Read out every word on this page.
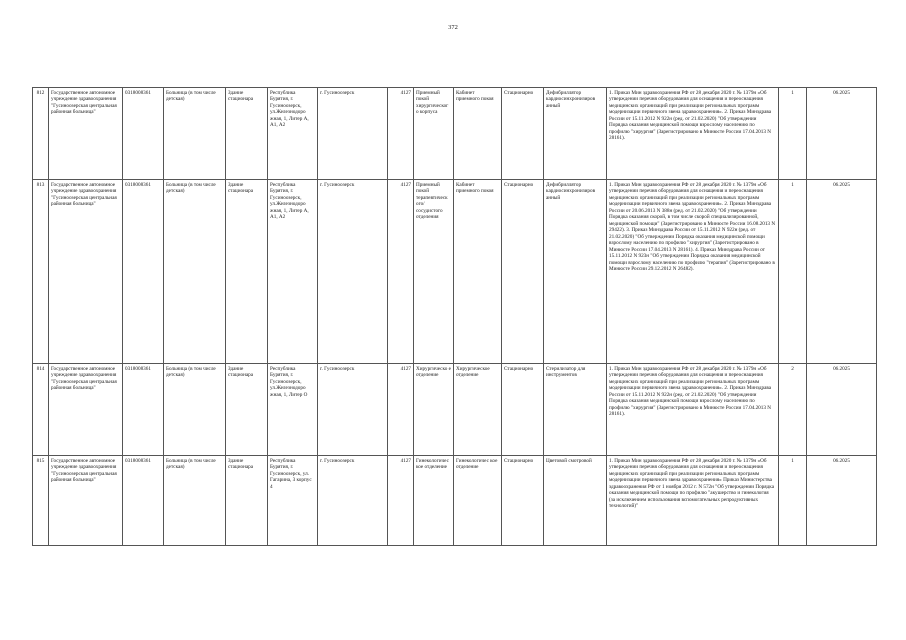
372
812	Государственное автономное учреждение здравоохранения "Гусиноозерская центральная районная больница"	0318008361	Больница (в том числе детская)	Здание стационара	Республика Бурятия, г. Гусиноозерск, ул.Железнодоро жная, 1, Литер А, А1, А2	г. Гусиноозерск	4127	Приемный покой хирургическог о корпуса	Кабинет приемного покоя	Стационарно	Дефибриллятор кардиосинхронизиров анный	1. Приказ Мин здравоохранения РФ от 28 декабря 2020 г. № 1379н «Об утверждении перечня оборудования для оснащения и переоснащения медицинских организаций при реализации региональных программ модернизации первичного звена здравоохранения». 2. Приказ Минздрава России от 15.11.2012 N 922н (ред. от 21.02.2020) "Об утверждении Порядка оказания медицинской помощи взрослому населению по профилю "хирургия" (Зарегистрировано в Минюсте России 17.04.2013 N 28161).	1	06.2025
813	Государственное автономное учреждение здравоохранения "Гусиноозерская центральная районная больница"	0318008361	Больница (в том числе детская)	Здание стационара	Республика Бурятия, г. Гусиноозерск, ул.Железнодоро жная, 1, Литер А, А1, А2	г. Гусиноозерск	4127	Приемный покой терапевтическ ого/сосудистого отделения	Кабинет приемного покоя	Стационарно	Дефибриллятор кардиосинхронизиров анный	1. Приказ Мин здравоохранения РФ от 28 декабря 2020 г. № 1379н «Об утверждении перечня оборудования для оснащения и переоснащения медицинских организаций при реализации региональных программ модернизации первичного звена здравоохранения». 2. Приказ Минздрава России от 20.06.2013 N 388н (ред. от 21.02.2020) "Об утверждении Порядка оказания скорой, в том числе скорой специализированной, медицинской помощи" (Зарегистрировано в Минюсте России 16.08.2013 N 29422). 3. Приказ Минздрава России от 15.11.2012 N 922н (ред. от 21.02.2020) "Об утверждении Порядка оказания медицинской помощи взрослому населению по профилю "хирургия" (Зарегистрировано в Минюсте России 17.04.2013 N 28161). 4. Приказ Минздрава России от 15.11.2012 N 923н "Об утверждении Порядка оказания медицинской помощи взрослому населению по профилю "терапия" (Зарегистрировано в Минюсте России 29.12.2012 N 26482).	1	06.2025
814	Государственное автономное учреждение здравоохранения "Гусиноозерская центральная районная больница"	0318008361	Больница (в том числе детская)	Здание стационара	Республика Бурятия, г. Гусиноозерск, ул.Железнодоро жная, 1, Литер О	г. Гусиноозерск	4127	Хирургическо е отделение	Хирургическое отделение	Стационарно	Стерилизатор для инструментов	1. Приказ Мин здравоохранения РФ от 28 декабря 2020 г. № 1379н «Об утверждении перечня оборудования для оснащения и переоснащения медицинских организаций при реализации региональных программ модернизации первичного звена здравоохранения». 2. Приказ Минздрава России от 15.11.2012 N 922н (ред. от 21.02.2020) "Об утверждении Порядка оказания медицинской помощи взрослому населению по профилю "хирургия" (Зарегистрировано в Минюсте России 17.04.2013 N 28161).	2	06.2025
815	Государственное автономное учреждение здравоохранения "Гусиноозерская центральная районная больница"	0318008361	Больница (в том числе детская)	Здание стационара	Республика Бурятия, г. Гусиноозерск, ул. Гагарина, 3 корпус 4	г. Гусиноозерск	4127	Гинекологичес кое отделение	Гинекологичес кое отделение	Стационарно	Цветовой смотровой	1. Приказ Мин здравоохранения РФ от 28 декабря 2020 г. № 1379н «Об утверждении перечня оборудования для оснащения и переоснащения медицинских организаций при реализации региональных программ модернизации первичного звена здравоохранения» Приказ Министерства здравоохранения РФ от 1 ноября 2012 г. N 572н "Об утверждении Порядка оказания медицинской помощи по профилю "акушерство и гинекология (за исключением использования вспомогательных репродуктивных технологий)"	1	06.2025
